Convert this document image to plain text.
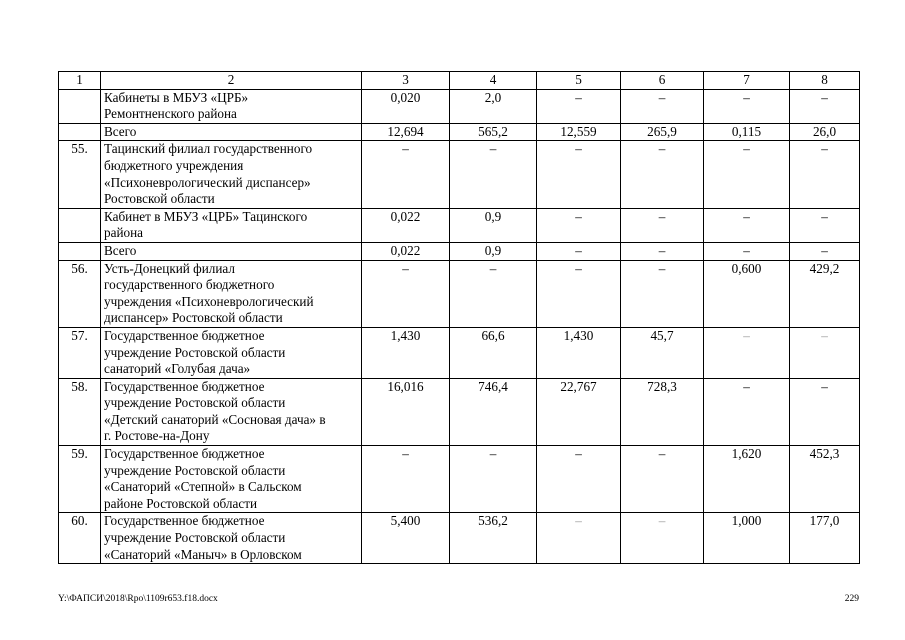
1	2	3	4	5	6	7	8

	Кабинеты в МБУЗ «ЦРБ»
Ремонтненского района	0,020	2,0	–	–	–	–

	Всего	12,694	565,2	12,559	265,9	0,115	26,0
55.	Тацинский филиал государственного
бюджетного учреждения
«Психоневрологический диспансер»
Ростовской области	–	–	–	–	–	–

	Кабинет в МБУЗ «ЦРБ» Тацинского
района	0,022	0,9	–	–	–	–

	Всего	0,022	0,9	–	–	–	–
56.	Усть-Донецкий филиал
государственного бюджетного
учреждения «Психоневрологический
диспансер» Ростовской области	–	–	–	–	0,600	429,2
57.	Государственное бюджетное
учреждение Ростовской области
санаторий «Голубая дача»	1,430	66,6	1,430	45,7	–	–
58.	Государственное бюджетное
учреждение Ростовской области
«Детский санаторий «Сосновая дача» в
г. Ростове-на-Дону	16,016	746,4	22,767	728,3	–	–
59.	Государственное бюджетное
учреждение Ростовской области
«Санаторий «Степной» в Сальском
районе Ростовской области	–	–	–	–	1,620	452,3
60.	Государственное бюджетное
учреждение Ростовской области
«Санаторий «Маныч» в Орловском	5,400	536,2	–	–	1,000	177,0
Y:\ФАПСИ\2018\Rpo\1109r653.f18.docx	229
